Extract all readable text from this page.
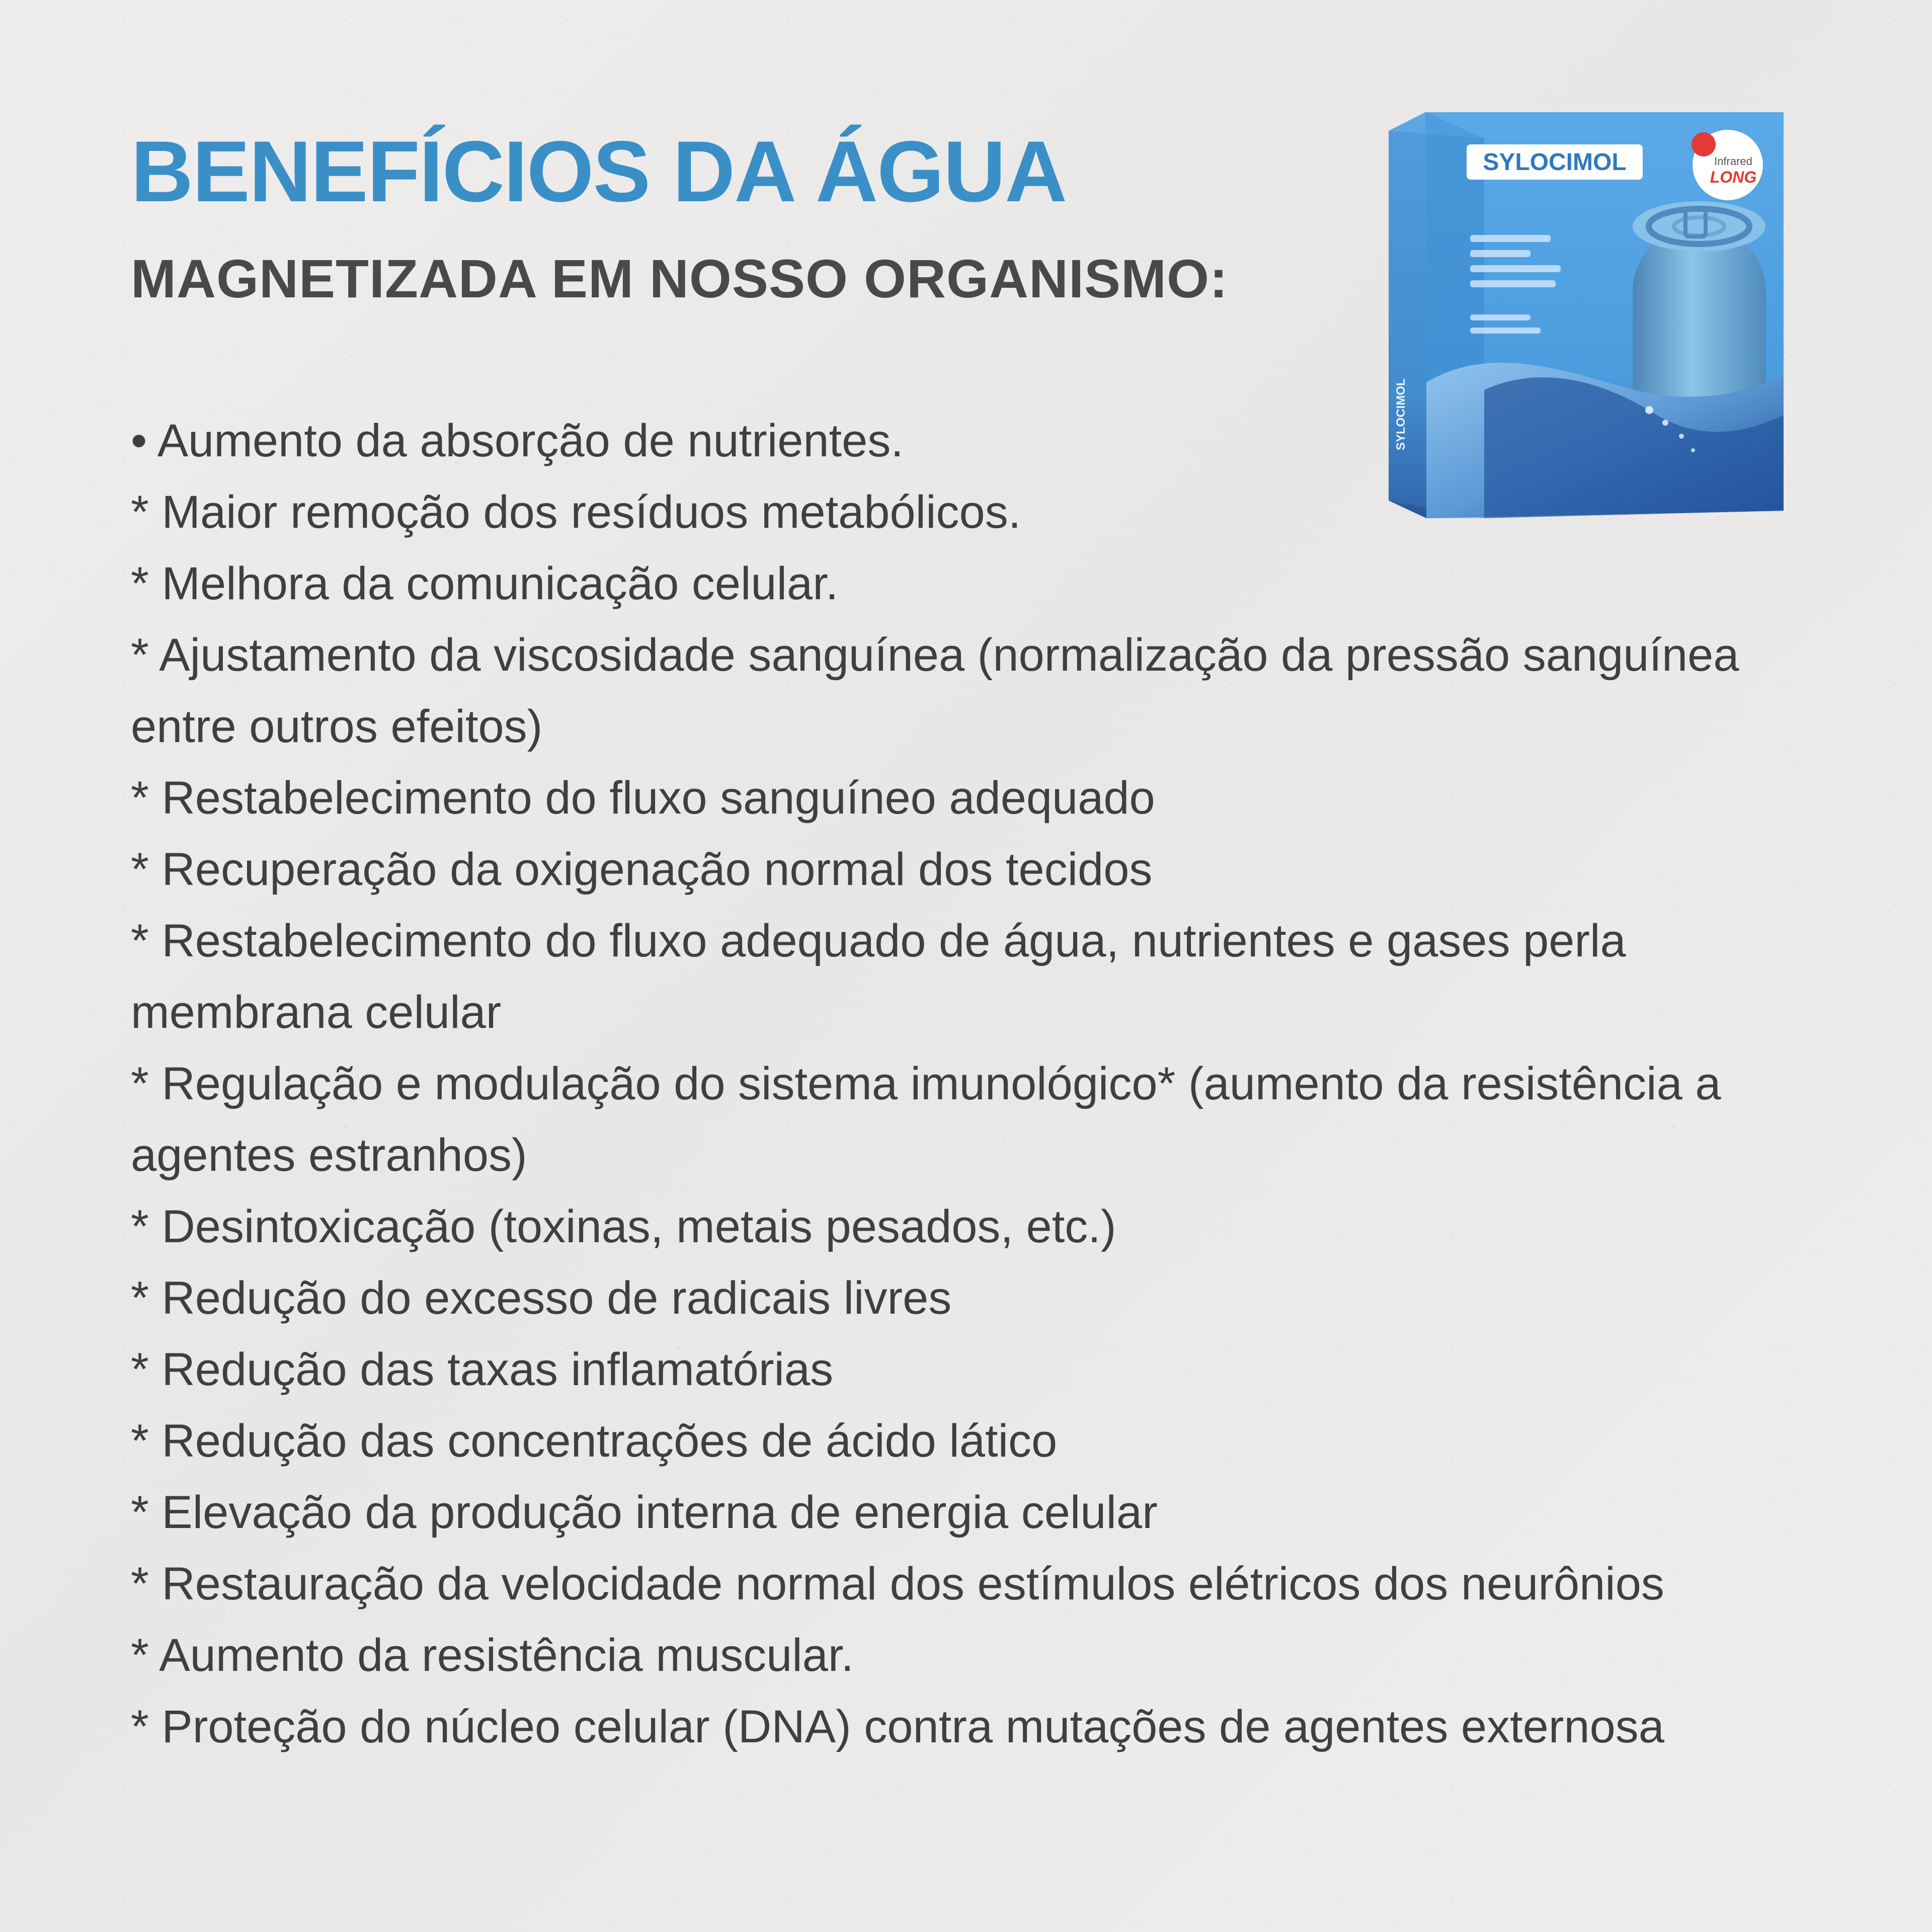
BENEFÍCIOS DA ÁGUA
MAGNETIZADA EM NOSSO ORGANISMO:
• Aumento da absorção de nutrientes.
* Maior remoção dos resíduos metabólicos.
* Melhora da comunicação celular.
* Ajustamento da viscosidade sanguínea (normalização da pressão sanguínea entre outros efeitos)
* Restabelecimento do fluxo sanguíneo adequado
* Recuperação da oxigenação normal dos tecidos
* Restabelecimento do fluxo adequado de água, nutrientes e gases perla membrana celular
* Regulação e modulação do sistema imunológico* (aumento da resistência a agentes estranhos)
* Desintoxicação (toxinas, metais pesados, etc.)
* Redução do excesso de radicais livres
* Redução das taxas inflamatórias
* Redução das concentrações de ácido lático
* Elevação da produção interna de energia celular
* Restauração da velocidade normal dos estímulos elétricos dos neurônios
* Aumento da resistência muscular.
* Proteção do núcleo celular (DNA) contra mutações de agentes externosa
SYLOCIMOL	Infrared
LONG
SYLOCIMOL
